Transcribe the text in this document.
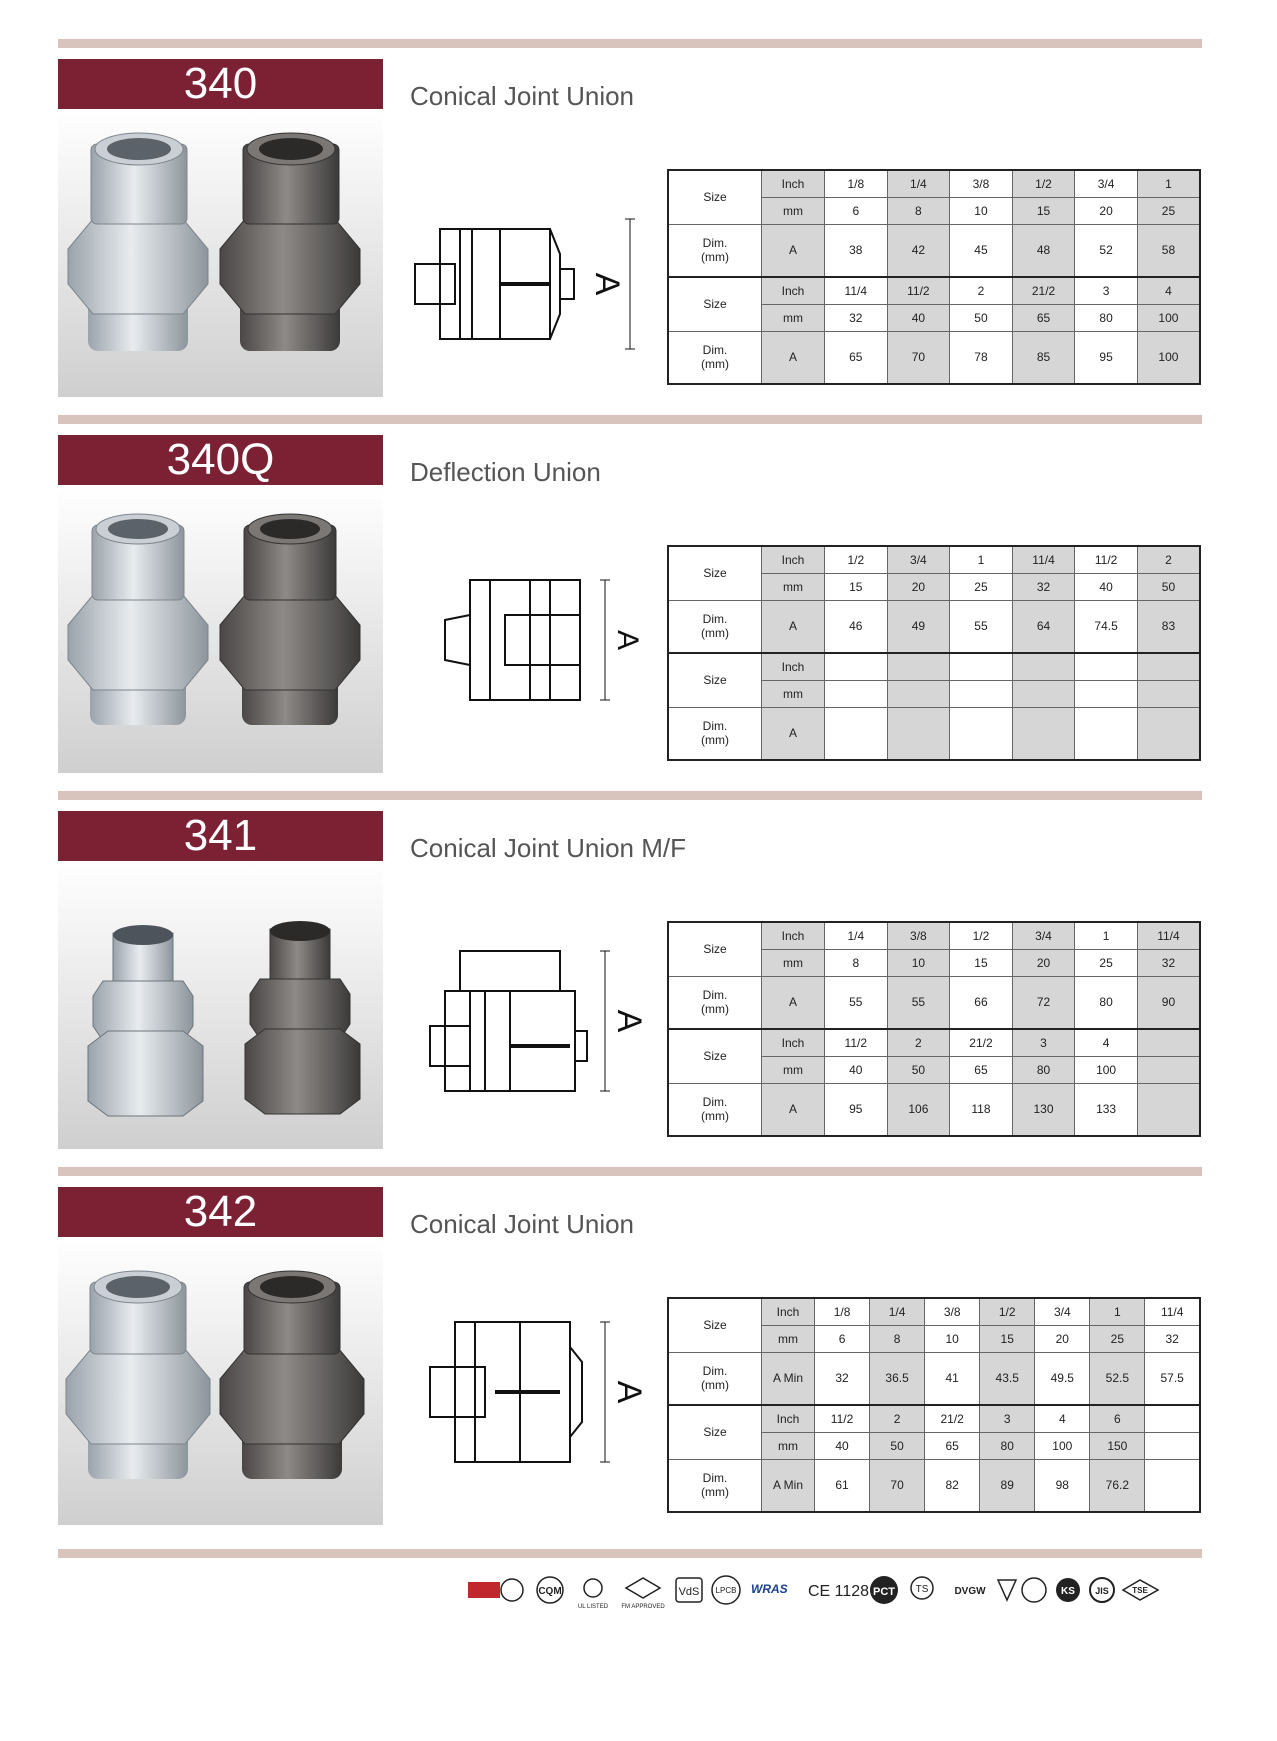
340	Conical Joint Union
A
Size	Inch	1/8	1/4	3/8	1/2	3/4	1
	mm	6	8	10	15	20	25
Dim.
(mm)	A	38	42	45	48	52	58
Size	Inch	11/4	11/2	2	21/2	3	4
	mm	32	40	50	65	80	100
Dim.
(mm)	A	65	70	78	85	95	100
340Q	Deflection Union
A
Size	Inch	1/2	3/4	1	11/4	11/2	2
	mm	15	20	25	32	40	50
Dim.
(mm)	A	46	49	55	64	74.5	83
Size	Inch						
	mm						
Dim.
(mm)	A						
341	Conical Joint Union M/F
A
Size	Inch	1/4	3/8	1/2	3/4	1	11/4
	mm	8	10	15	20	25	32
Dim.
(mm)	A	55	55	66	72	80	90
Size	Inch	11/2	2	21/2	3	4	
	mm	40	50	65	80	100	
Dim.
(mm)	A	95	106	118	130	133	
342	Conical Joint Union
A
Size	Inch	1/8	1/4	3/8	1/2	3/4	1	11/4
	mm	6	8	10	15	20	25	32
Dim.
(mm)	A Min	32	36.5	41	43.5	49.5	52.5	57.5
Size	Inch	11/2	2	21/2	3	4	6	
	mm	40	50	65	80	100	150	
Dim.
(mm)	A Min	61	70	82	89	98	76.2	
CQM
UL LISTED FM APPROVED
VdS LPCB WRAS CE 1128 PCT TS	DVGW	KS JIS	TSE
